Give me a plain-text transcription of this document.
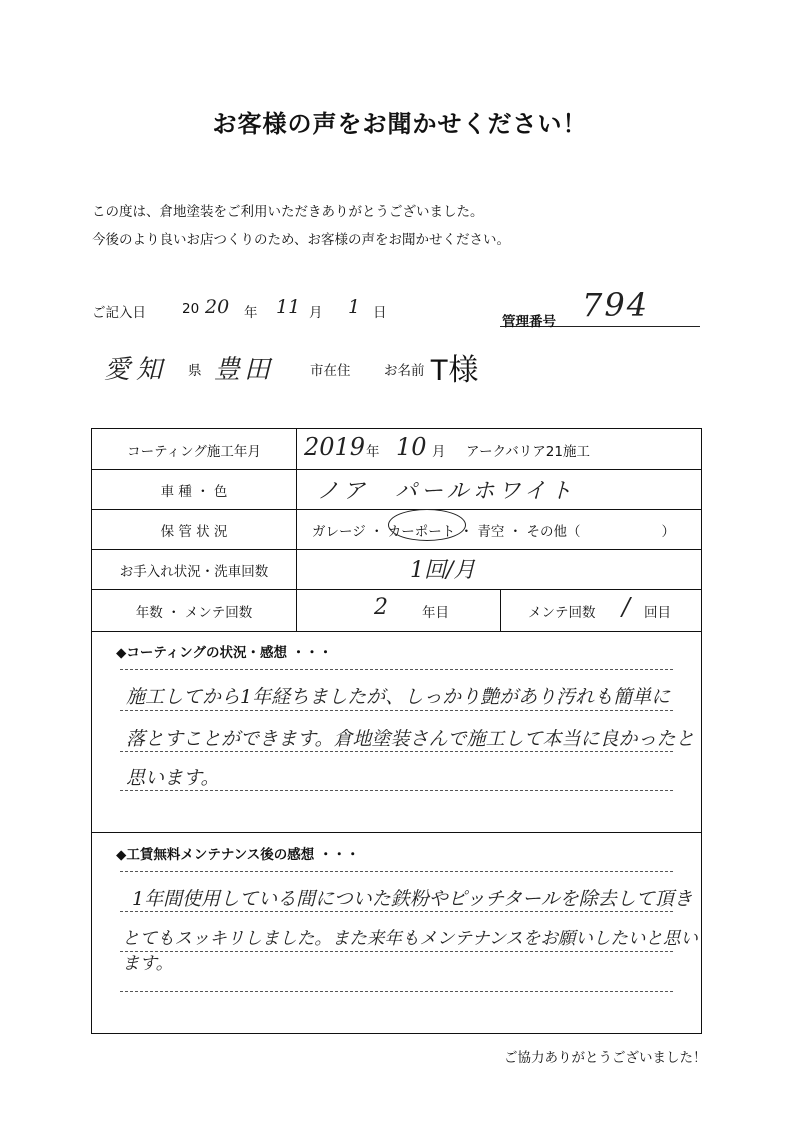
お客様の声をお聞かせください！
この度は、倉地塗装をご利用いただきありがとうございました。
今後のより良いお店つくりのため、お客様の声をお聞かせください。
ご記入日	20 20 年 11 月 1 日
管理番号 794
愛知 県 豊田	市在住 お名前 T様
コーティング施工年月	2019 年 10 月 アークバリア21施工
車 種 ・ 色	ノア　パールホワイト
保 管 状 況	ガレージ ・ カーポート ・ 青空 ・ その他（　　　　　　）
お手入れ状況・洗車回数	1回/月
年数 ・ メンテ回数	2	年目	メンテ回数 / 回目
◆コーティングの状況・感想 ・・・
施工してから1年経ちましたが、しっかり艶があり汚れも簡単に
落とすことができます。倉地塗装さんで施工して本当に良かったと
思います。
◆工賃無料メンテナンス後の感想 ・・・
1年間使用している間についた鉄粉やピッチタールを除去して頂き
とてもスッキリしました。また来年もメンテナンスをお願いしたいと思います。
ご協力ありがとうございました！
